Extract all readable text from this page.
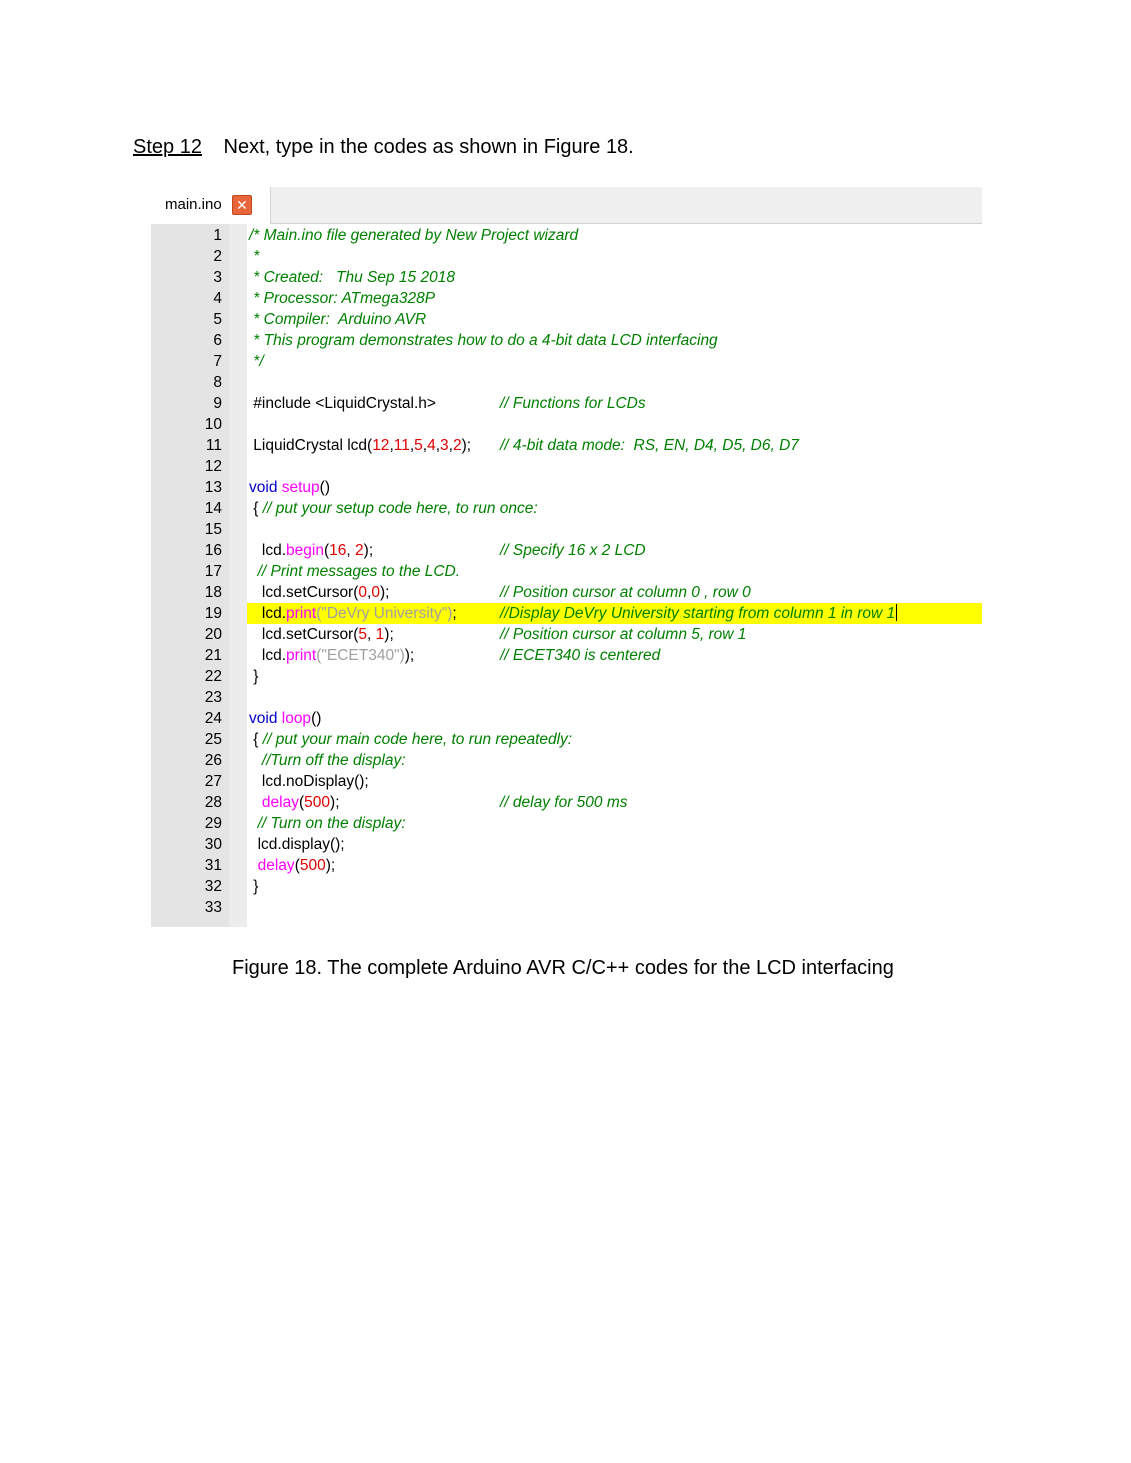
Step 12 Next, type in the codes as shown in Figure 18.
main.ino ✕
1 /* Main.ino file generated by New Project wizard
2 *
3 * Created:   Thu Sep 15 2018
4 * Processor: ATmega328P
5 * Compiler:  Arduino AVR
6 * This program demonstrates how to do a 4-bit data LCD interfacing
7 */
8
9 #include <LiquidCrystal.h>	// Functions for LCDs
10
11 LiquidCrystal lcd(12,11,5,4,3,2); // 4-bit data mode:  RS, EN, D4, D5, D6, D7
12
13 void setup()
14 { // put your setup code here, to run once:
15
16 lcd.begin(16, 2);	// Specify 16 x 2 LCD
17 // Print messages to the LCD.
18 lcd.setCursor(0,0);	// Position cursor at column 0 , row 0
19 lcd.print("DeVry University");	//Display DeVry University starting from column 1 in row 1
20 lcd.setCursor(5, 1);	// Position cursor at column 5, row 1
21 lcd.print("ECET340"));	// ECET340 is centered
22 }
23
24 void loop()
25 { // put your main code here, to run repeatedly:
26 //Turn off the display:
27 lcd.noDisplay();
28	delay(500);	// delay for 500 ms
29 // Turn on the display:
30 lcd.display();
31	delay(500);
32 }
33
Figure 18. The complete Arduino AVR C/C++ codes for the LCD interfacing
